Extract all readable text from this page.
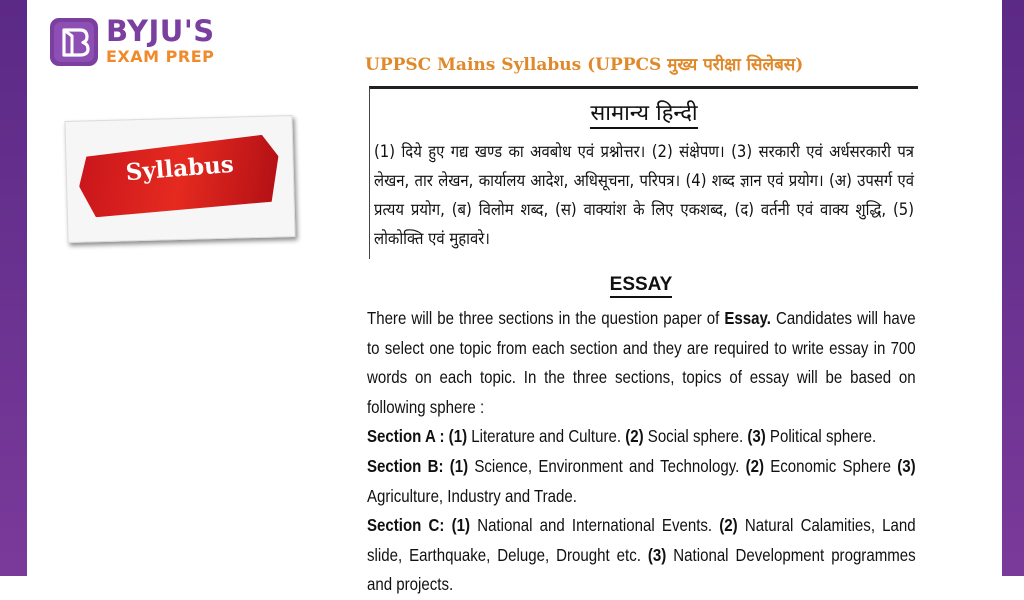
BYJU'S
EXAM PREP	UPPSC Mains Syllabus (UPPCS मुख्य परीक्षा सिलेबस)
Syllabus
सामान्य हिन्दी
(1) दिये हुए गद्य खण्ड का अवबोध एवं प्रश्नोत्तर। (2) संक्षेपण। (3) सरकारी एवं अर्धसरकारी पत्र लेखन, तार लेखन, कार्यालय आदेश, अधिसूचना, परिपत्र। (4) शब्द ज्ञान एवं प्रयोग। (अ) उपसर्ग एवं प्रत्यय प्रयोग, (ब) विलोम शब्द, (स) वाक्यांश के लिए एकशब्द, (द) वर्तनी एवं वाक्य शुद्धि, (5) लोकोक्ति एवं मुहावरे।
ESSAY

There will be three sections in the question paper of Essay. Candidates will have to select one topic from each section and they are required to write essay in 700 words on each topic. In the three sections, topics of essay will be based on following sphere :

Section A : (1) Literature and Culture. (2) Social sphere. (3) Political sphere.

Section B: (1) Science, Environment and Technology. (2) Economic Sphere (3) Agriculture, Industry and Trade.

Section C: (1) National and International Events. (2) Natural Calamities, Land slide, Earthquake, Deluge, Drought etc. (3) National Development programmes and projects.
